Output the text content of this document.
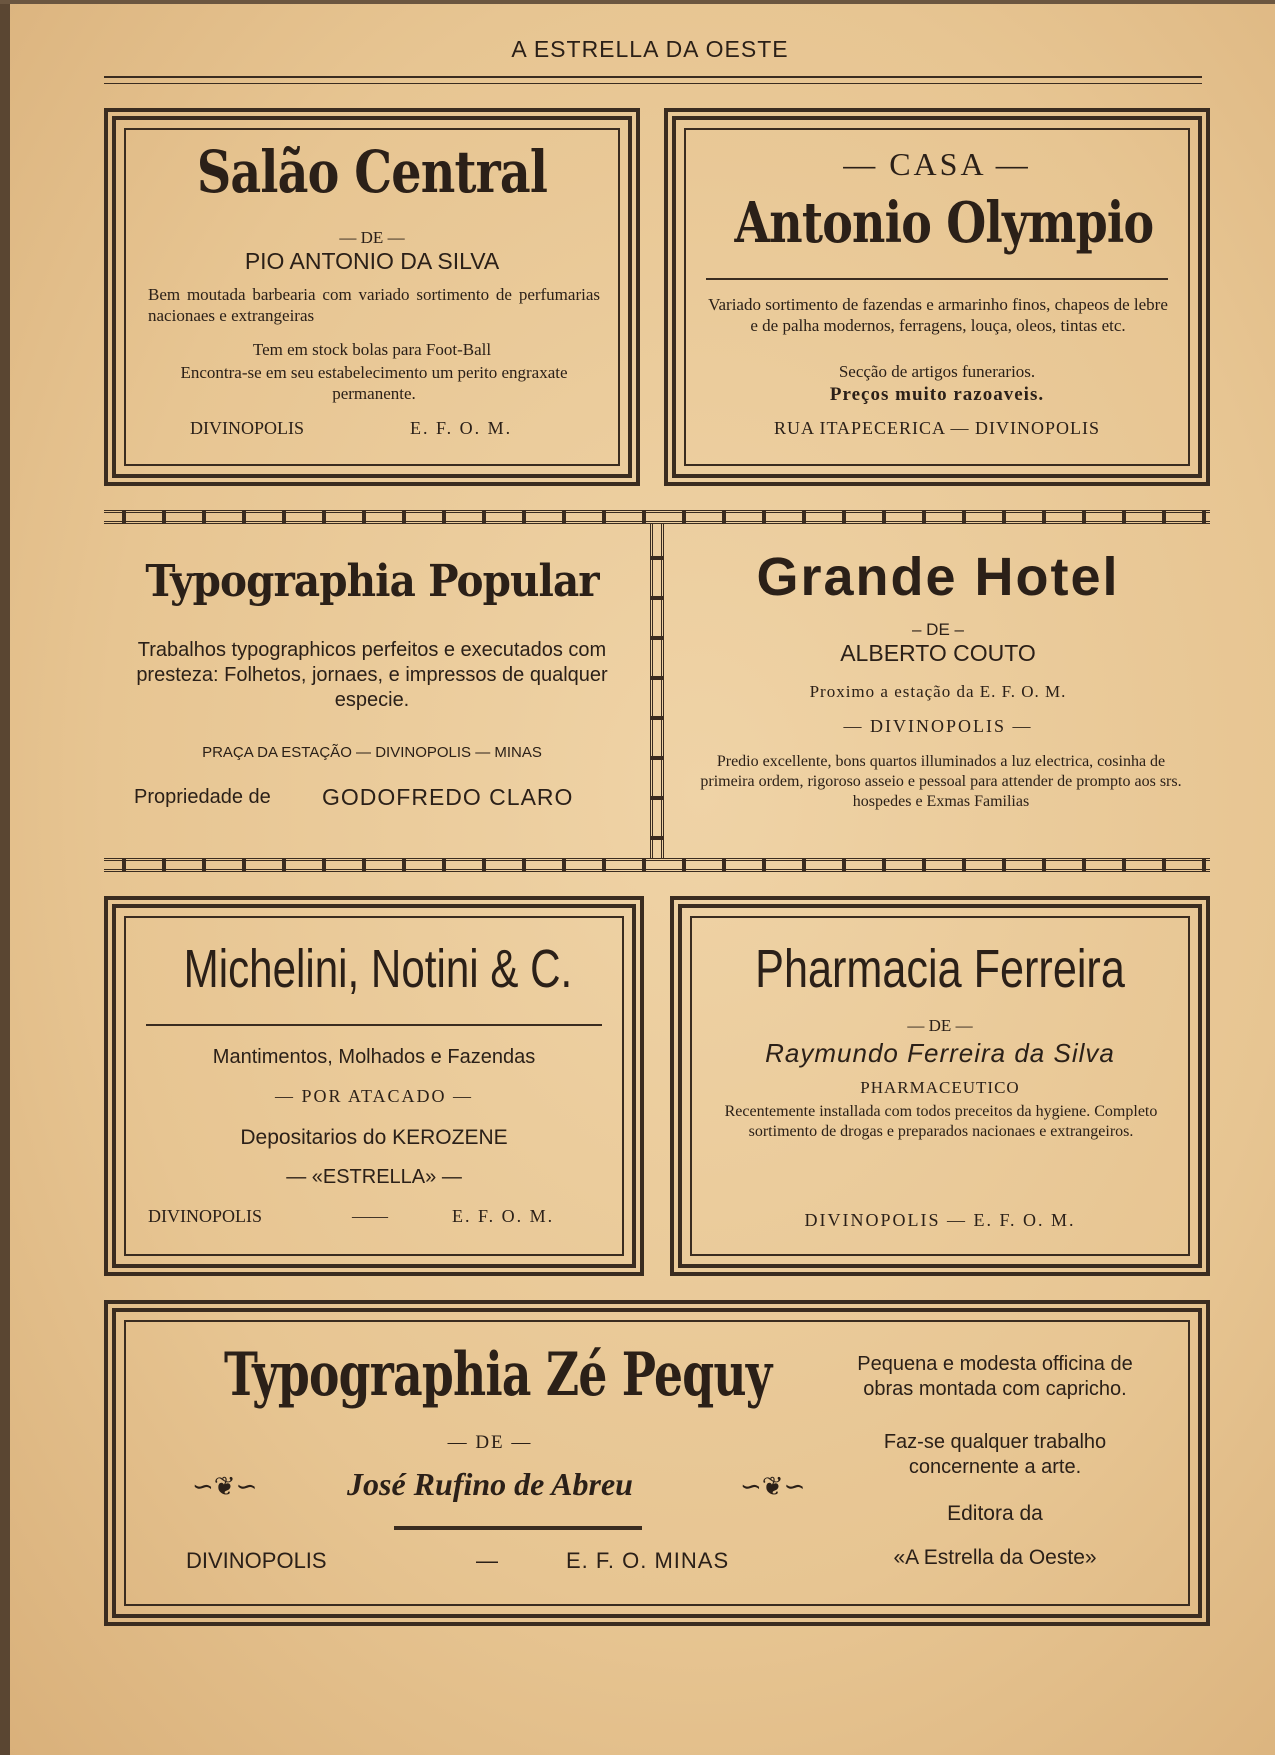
A ESTRELLA DA OESTE
Salão Central
— DE —
PIO ANTONIO DA SILVA
Bem moutada barbearia com variado sortimento de perfumarias nacionaes e extrangeiras
Tem em stock bolas para Foot-Ball
Encontra-se em seu estabelecimento um perito engraxate permanente.
DIVINOPOLIS	E. F. O. M.
— CASA —
Antonio Olympio
Variado sortimento de fazendas e armarinho finos, chapeos de lebre e de palha modernos, ferragens, louça, oleos, tintas etc.
Secção de artigos funerarios.
Preços muito razoaveis.
RUA ITAPECERICA — DIVINOPOLIS
Typographia Popular
Trabalhos typographicos perfeitos e executados com presteza: Folhetos, jornaes, e impressos de qualquer especie.
PRAÇA DA ESTAÇÃO — DIVINOPOLIS — MINAS
Propriedade de GODOFREDO CLARO
Grande Hotel
– DE –
ALBERTO COUTO
Proximo a estação da E. F. O. M.
— DIVINOPOLIS —
Predio excellente, bons quartos illuminados a luz electrica, cosinha de primeira ordem, rigoroso asseio e pessoal para attender de prompto aos srs. hospedes e Exmas Familias
Michelini, Notini & C.
Mantimentos, Molhados e Fazendas
— POR ATACADO —
Depositarios do KEROZENE
— «ESTRELLA» —
DIVINOPOLIS	——	E. F. O. M.
Pharmacia Ferreira
— DE —
Raymundo Ferreira da Silva
PHARMACEUTICO
Recentemente installada com todos preceitos da hygiene. Completo sortimento de drogas e preparados nacionaes e extrangeiros.
DIVINOPOLIS — E. F. O. M.
Typographia Zé Pequy
— DE —
∽❦∽	José Rufino de Abreu	∽❦∽
DIVINOPOLIS	—	E. F. O. MINAS
Pequena e modesta officina de obras montada com capricho.
Faz-se qualquer trabalho concernente a arte.
Editora da
«A Estrella da Oeste»
